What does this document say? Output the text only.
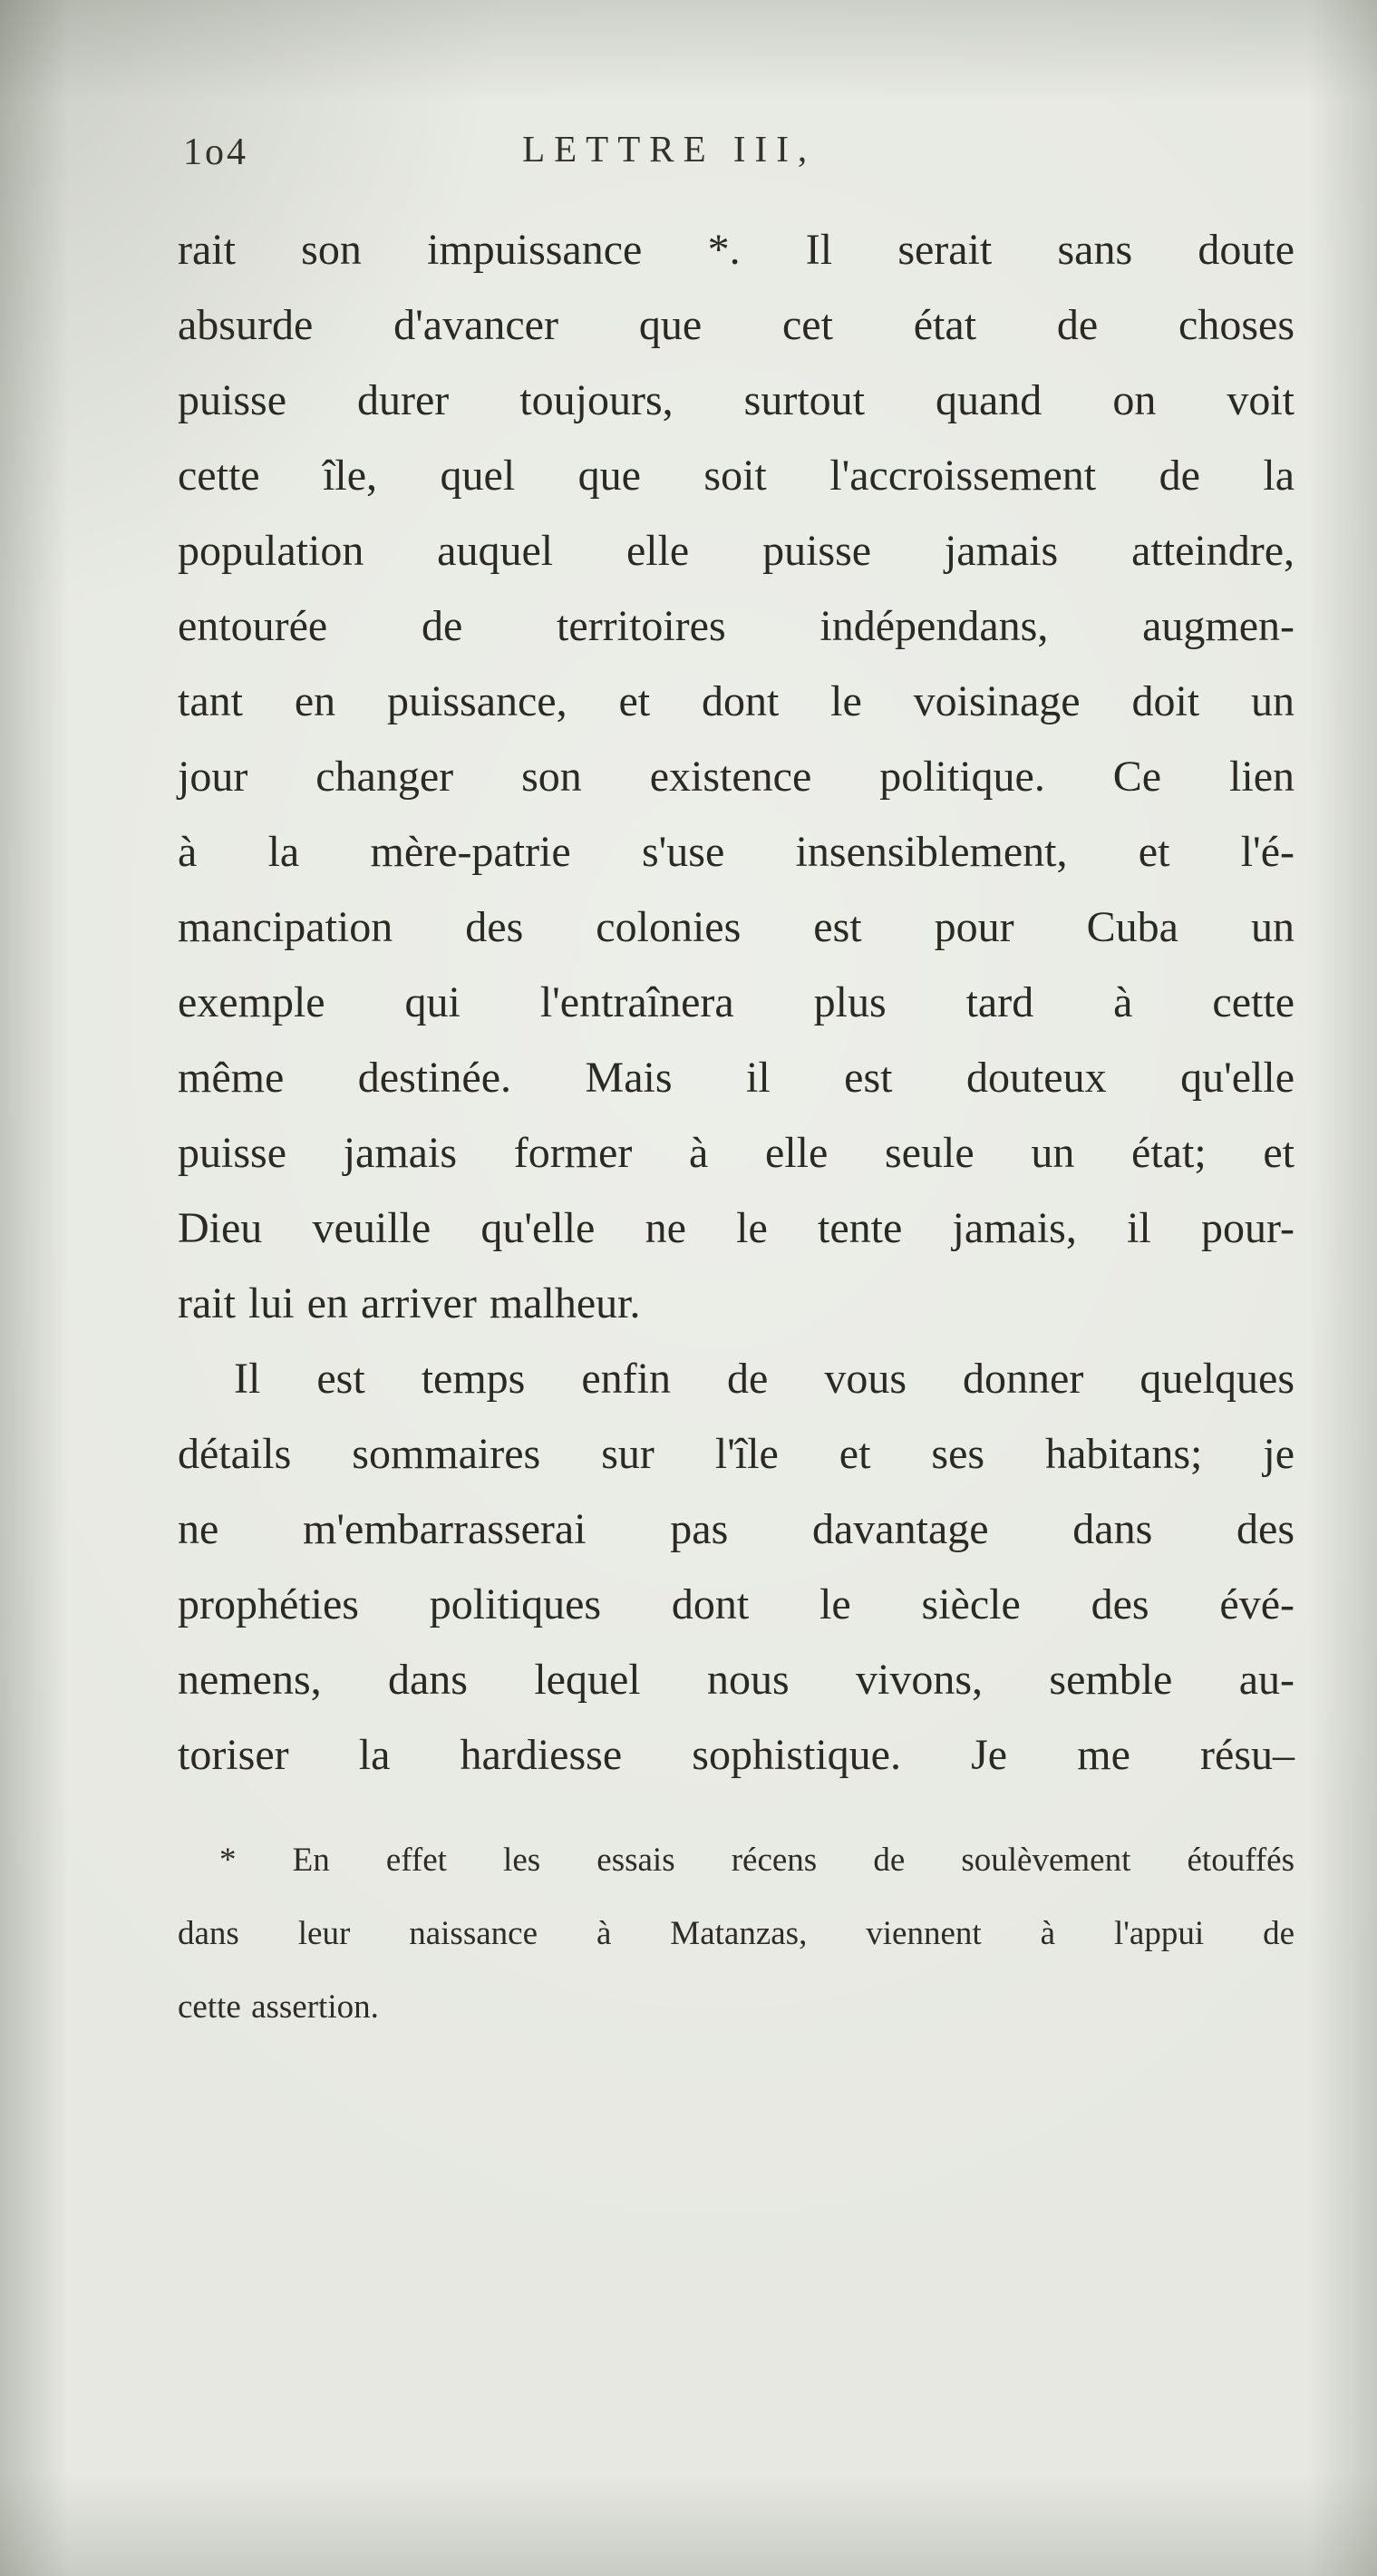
1o4	LETTRE III,
rait son impuissance *. Il serait sans doute
absurde d'avancer que cet état de choses
puisse durer toujours, surtout quand on voit
cette île, quel que soit l'accroissement de la
population auquel elle puisse jamais atteindre,
entourée de territoires indépendans, augmen-
tant en puissance, et dont le voisinage doit un
jour changer son existence politique. Ce lien
à la mère-patrie s'use insensiblement, et l'é-
mancipation des colonies est pour Cuba un
exemple qui l'entraînera plus tard à cette
même destinée. Mais il est douteux qu'elle
puisse jamais former à elle seule un état; et
Dieu veuille qu'elle ne le tente jamais, il pour-
rait lui en arriver malheur.
Il est temps enfin de vous donner quelques
détails sommaires sur l'île et ses habitans; je
ne m'embarrasserai pas davantage dans des
prophéties politiques dont le siècle des évé-
nemens, dans lequel nous vivons, semble au-
toriser la hardiesse sophistique. Je me résu–
* En effet les essais récens de soulèvement étouffés
dans leur naissance à Matanzas, viennent à l'appui de
cette assertion.
